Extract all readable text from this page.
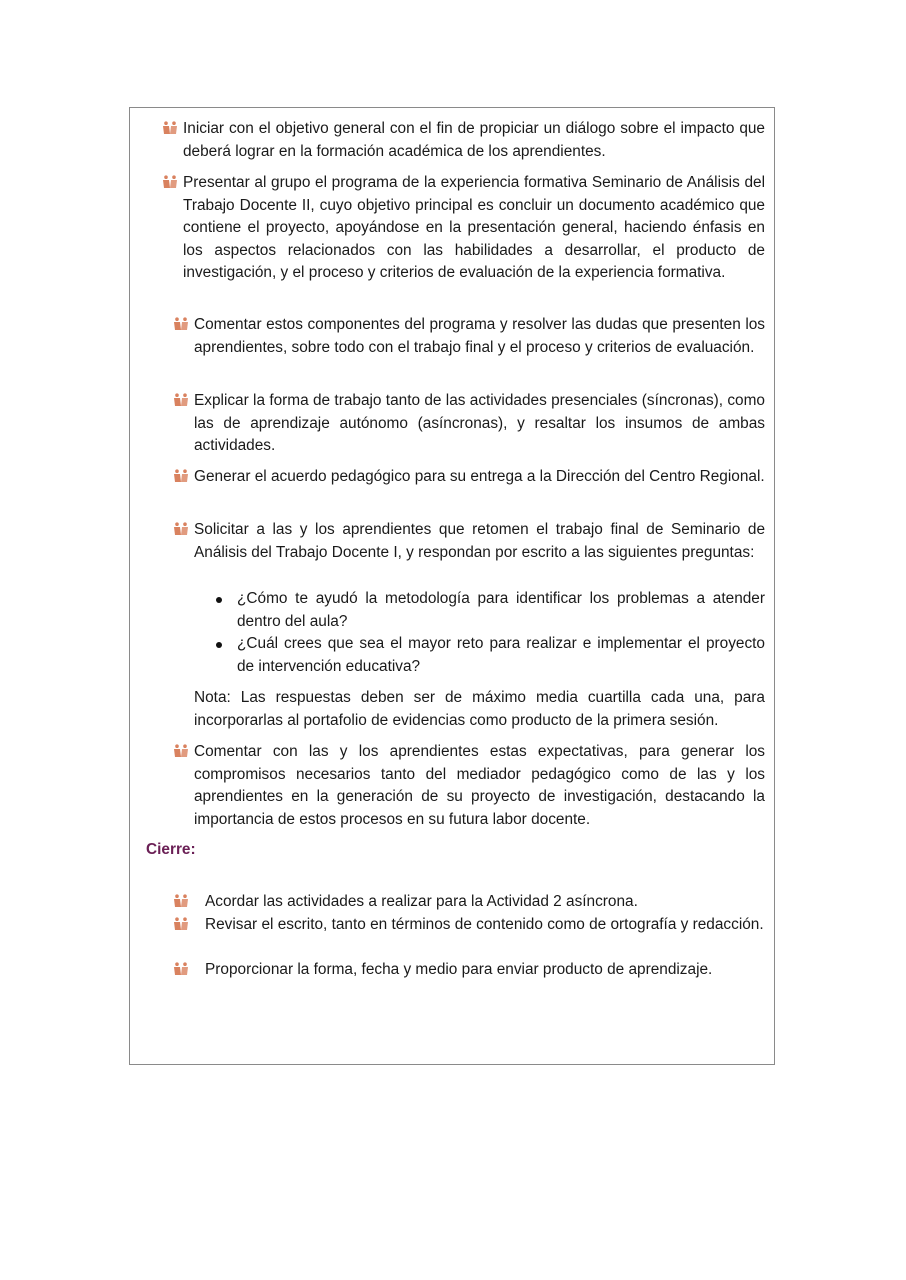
Iniciar con el objetivo general con el fin de propiciar un diálogo sobre el impacto que deberá lograr en la formación académica de los aprendientes.
Presentar al grupo el programa de la experiencia formativa Seminario de Análisis del Trabajo Docente II, cuyo objetivo principal es concluir un documento académico que contiene el proyecto, apoyándose en la presentación general, haciendo énfasis en los aspectos relacionados con las habilidades a desarrollar, el producto de investigación, y el proceso y criterios de evaluación de la experiencia formativa.
Comentar estos componentes del programa y resolver las dudas que presenten los aprendientes, sobre todo con el trabajo final y el proceso y criterios de evaluación.
Explicar la forma de trabajo tanto de las actividades presenciales (síncronas), como las de aprendizaje autónomo (asíncronas), y resaltar los insumos de ambas actividades.
Generar el acuerdo pedagógico para su entrega a la Dirección del Centro Regional.
Solicitar a las y los aprendientes que retomen el trabajo final de Seminario de Análisis del Trabajo Docente I, y respondan por escrito a las siguientes preguntas:
¿Cómo te ayudó la metodología para identificar los problemas a atender dentro del aula?
¿Cuál crees que sea el mayor reto para realizar e implementar el proyecto de intervención educativa?
Nota: Las respuestas deben ser de máximo media cuartilla cada una, para incorporarlas al portafolio de evidencias como producto de la primera sesión.
Comentar con las y los aprendientes estas expectativas, para generar los compromisos necesarios tanto del mediador pedagógico como de las y los aprendientes en la generación de su proyecto de investigación, destacando la importancia de estos procesos en su futura labor docente.
Cierre:
Acordar las actividades a realizar para la Actividad 2 asíncrona.
Revisar el escrito, tanto en términos de contenido como de ortografía y redacción.
Proporcionar la forma, fecha y medio para enviar producto de aprendizaje.
